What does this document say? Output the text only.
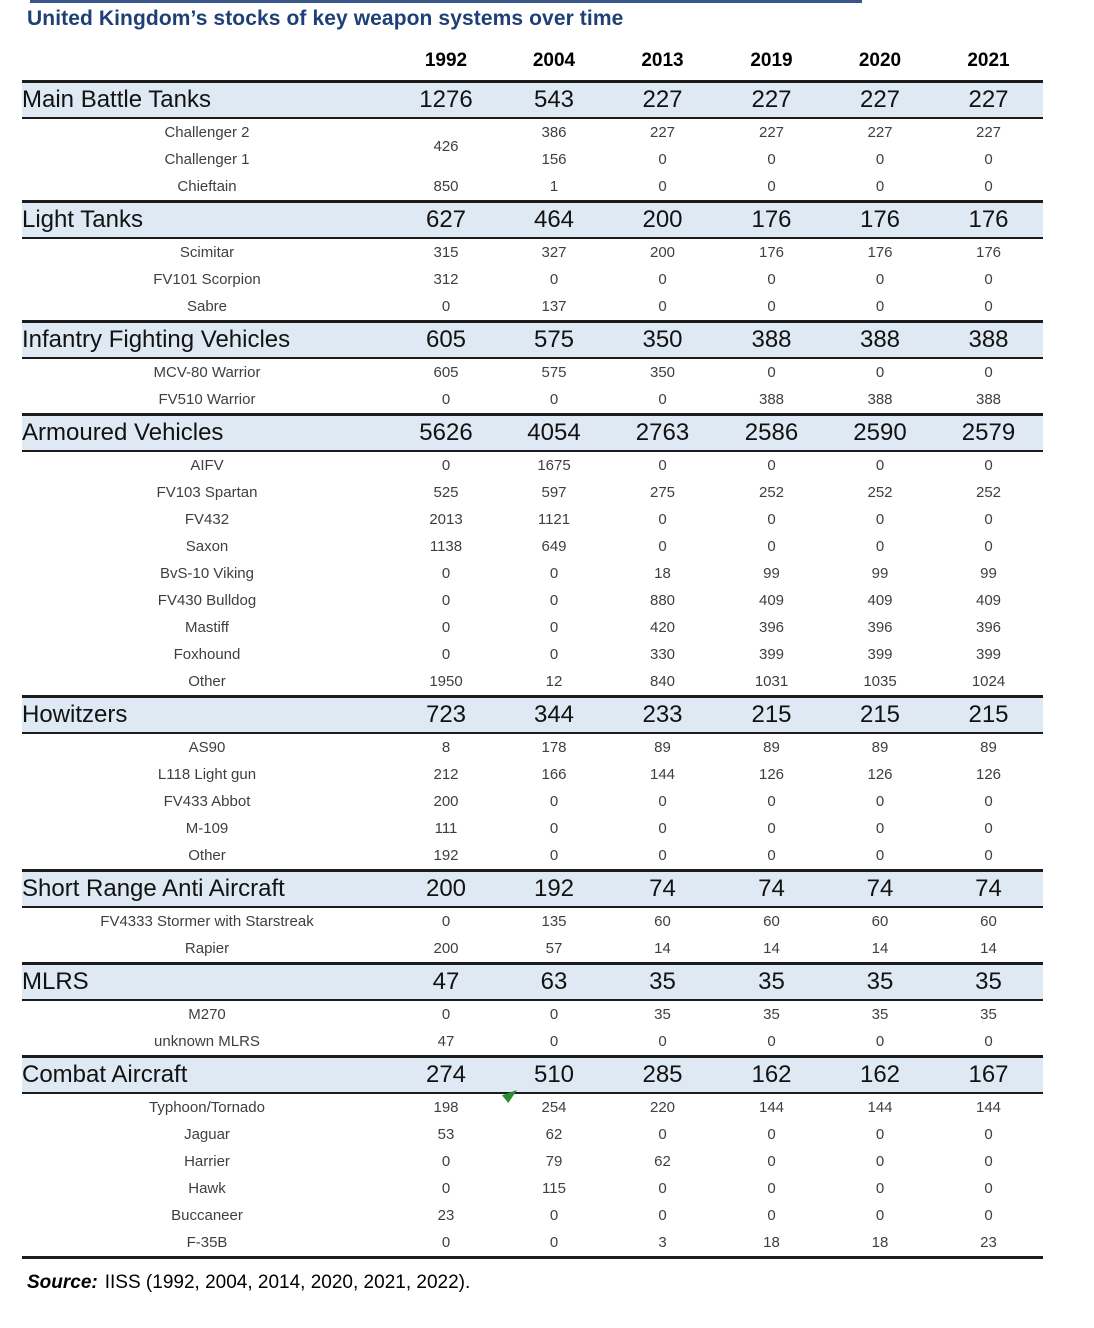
United Kingdom’s stocks of key weapon systems over time
	1992	2004	2013	2019	2020	2021
Main Battle Tanks	1276	543	227	227	227	227
Challenger 2	426	386	227	227	227	227
Challenger 1		156	0	0	0	0
Chieftain	850	1	0	0	0	0
Light Tanks	627	464	200	176	176	176
Scimitar	315	327	200	176	176	176
FV101 Scorpion	312	0	0	0	0	0
Sabre	0	137	0	0	0	0
Infantry Fighting Vehicles	605	575	350	388	388	388
MCV-80 Warrior	605	575	350	0	0	0
FV510 Warrior	0	0	0	388	388	388
Armoured Vehicles	5626	4054	2763	2586	2590	2579
AIFV	0	1675	0	0	0	0
FV103 Spartan	525	597	275	252	252	252
FV432	2013	1121	0	0	0	0
Saxon	1138	649	0	0	0	0
BvS-10 Viking	0	0	18	99	99	99
FV430 Bulldog	0	0	880	409	409	409
Mastiff	0	0	420	396	396	396
Foxhound	0	0	330	399	399	399
Other	1950	12	840	1031	1035	1024
Howitzers	723	344	233	215	215	215
AS90	8	178	89	89	89	89
L118 Light gun	212	166	144	126	126	126
FV433 Abbot	200	0	0	0	0	0
M-109	111	0	0	0	0	0
Other	192	0	0	0	0	0
Short Range Anti Aircraft	200	192	74	74	74	74
FV4333 Stormer with Starstreak	0	135	60	60	60	60
Rapier	200	57	14	14	14	14
MLRS	47	63	35	35	35	35
M270	0	0	35	35	35	35
unknown MLRS	47	0	0	0	0	0
Combat Aircraft	274	510	285	162	162	167
Typhoon/Tornado	198	254	220	144	144	144
Jaguar	53	62	0	0	0	0
Harrier	0	79	62	0	0	0
Hawk	0	115	0	0	0	0
Buccaneer	23	0	0	0	0	0
F-35B	0	0	3	18	18	23

Source: IISS (1992, 2004, 2014, 2020, 2021, 2022).
